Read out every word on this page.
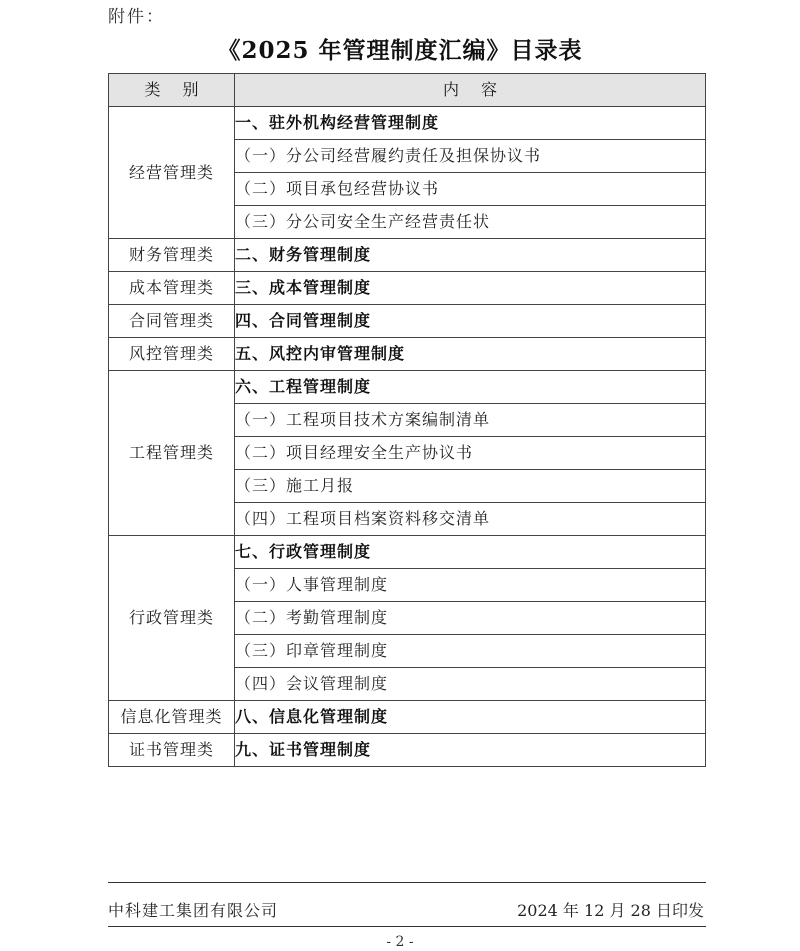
附件：
《2025 年管理制度汇编》目录表
类别	内容
经营管理类	一、驻外机构经营管理制度
	（一）分公司经营履约责任及担保协议书
	（二）项目承包经营协议书
	（三）分公司安全生产经营责任状
财务管理类	二、财务管理制度
成本管理类	三、成本管理制度
合同管理类	四、合同管理制度
风控管理类	五、风控内审管理制度
工程管理类	六、工程管理制度
	（一）工程项目技术方案编制清单
	（二）项目经理安全生产协议书
	（三）施工月报
	（四）工程项目档案资料移交清单
行政管理类	七、行政管理制度
	（一）人事管理制度
	（二）考勤管理制度
	（三）印章管理制度
	（四）会议管理制度
信息化管理类	八、信息化管理制度
证书管理类	九、证书管理制度
中科建工集团有限公司	2024 年 12 月 28 日印发
- 2 -
